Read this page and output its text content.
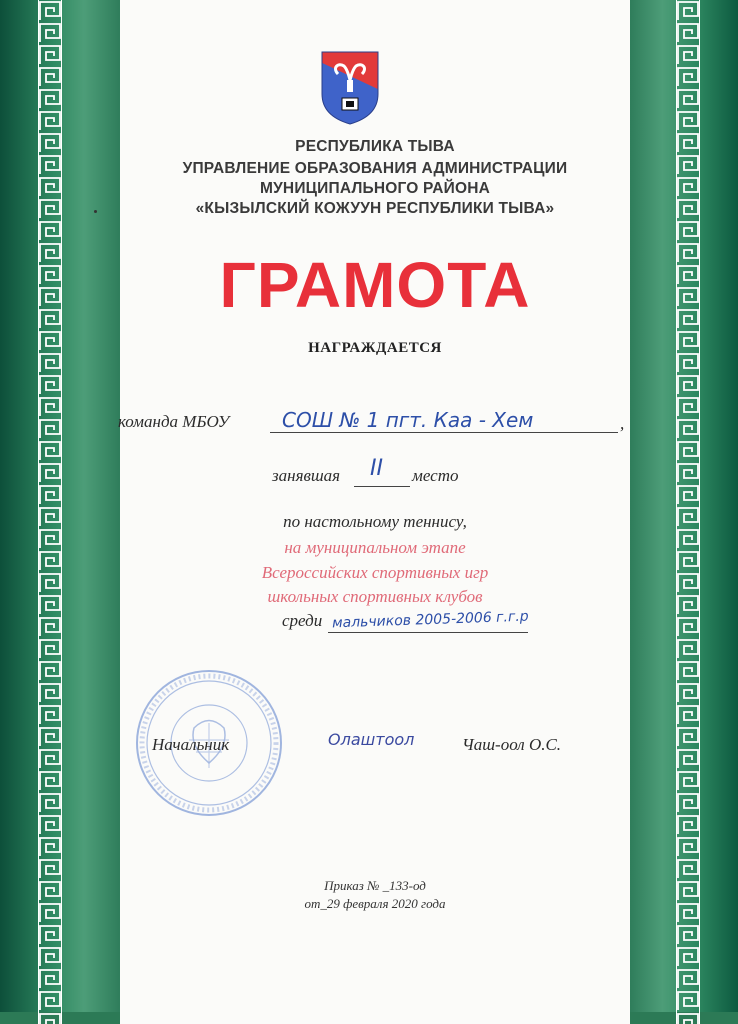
РЕСПУБЛИКА ТЫВА
УПРАВЛЕНИЕ ОБРАЗОВАНИЯ АДМИНИСТРАЦИИ
МУНИЦИПАЛЬНОГО РАЙОНА
«КЫЗЫЛСКИЙ КОЖУУН РЕСПУБЛИКИ ТЫВА»
ГРАМОТА
НАГРАЖДАЕТСЯ
команда МБОУ	СОШ № 1 пгт. Каа - Хем	,
занявшая II место
по настольному теннису,
на муниципальном этапе
Всероссийских спортивных игр
школьных спортивных клубов
среди мальчиков 2005-2006 г.г.р
Начальник	Олаштоол	Чаш-оол О.С.
Приказ № _133-од
от_29 февраля 2020 года
